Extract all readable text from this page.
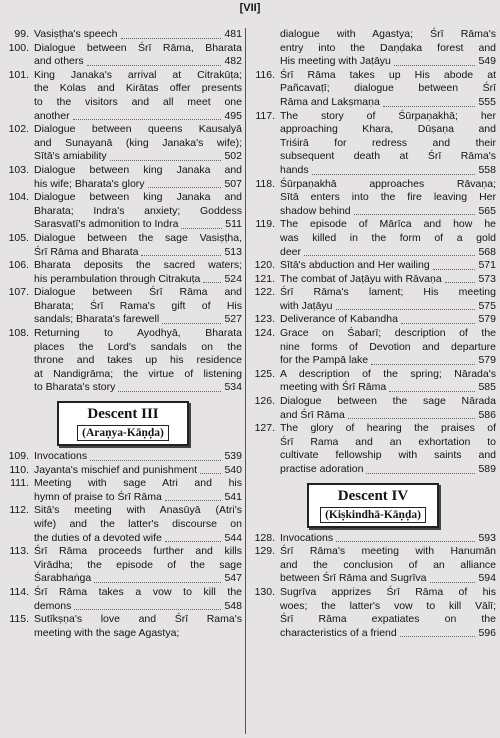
[VII]
99. Vasiṣṭha's speech	481
100. Dialogue between Śrī Rāma, Bharata
and others	482
101. King Janaka's arrival at Citrakūṭa;
the Kolas and Kirātas offer presents
to the visitors and all meet one
another	495
102. Dialogue between queens Kausalyā
and Sunayanā (king Janaka's wife);
Sītā's amiability	502
103. Dialogue between king Janaka and
his wife; Bharata's glory	507
104. Dialogue between king Janaka and
Bharata; Indra's anxiety; Goddess
Sarasvatī's admonition to Indra	511
105. Dialogue between the sage Vasiṣṭha,
Śrī Rāma and Bharata	513
106. Bharata deposits the sacred waters;
his perambulation through Citrakuṭa 524
107. Dialogue between Śrī Rāma and
Bharata; Śrī Rama's gift of His
sandals; Bharata's farewell	527
108. Returning to Ayodhyā, Bharata
places the Lord's sandals on the
throne and takes up his residence
at Nandigrāma; the virtue of listening
to Bharata's story	534
Descent III
(Araṇya-Kāṇḍa)
109. Invocations	539
110. Jayanta's mischief and punishment	540
111. Meeting with sage Atri and his
hymn of praise to Śrī Rāma	541
112. Sitā's meeting with Anasūyā (Atri's
wife) and the latter's discourse on
the duties of a devoted wife	544
113. Śrī Rāma proceeds further and kills
Virādha; the episode of the sage
Śarabhaṅga	547
114. Śrī Rāma takes a vow to kill the
demons	548
115. Sutīkṣṇa's love and Śrī Rama's
meeting with the sage Agastya;
dialogue with Agastya; Śrī Rāma's
entry into the Daṇḍaka forest and
His meeting with Jaṭāyu	549
116. Śrī Rāma takes up His abode at
Pañcavaṭī; dialogue between Śrī
Rāma and Lakṣmaṇa	555
117. The story of Śūrpaṇakhā; her
approaching Khara, Dūṣaṇa and
Triśirā for redress and their
subsequent death at Śrī Rāma's
hands	558
118. Śūrpaṇakhā approaches Rāvaṇa;
Sītā enters into the fire leaving Her
shadow behind	565
119. The episode of Mārīca and how he
was killed in the form of a gold
deer	568
120. Sītā's abduction and Her wailing	571
121. The combat of Jaṭāyu with Rāvaṇa	573
122. Śrī Rāma's lament; His meeting
with Jaṭāyu	575
123. Deliverance of Kabandha	579
124. Grace on Śabarī; description of the
nine forms of Devotion and departure
for the Pampā lake	579
125. A description of the spring; Nārada's
meeting with Śrī Rāma	585
126. Dialogue between the sage Nārada
and Śrī Rāma	586
127. The glory of hearing the praises of
Śrī Rama and an exhortation to
cultivate fellowship with saints and
practise adoration	589
Descent IV
(Kiṣkindhā-Kāṇḍa)
128. Invocations	593
129. Śrī Rāma's meeting with Hanumān
and the conclusion of an alliance
between Śrī Rāma and Sugrīva	594
130. Sugrīva apprizes Śrī Rāma of his
woes; the latter's vow to kill Vālī;
Śrī Rāma expatiates on the
characteristics of a friend	596
